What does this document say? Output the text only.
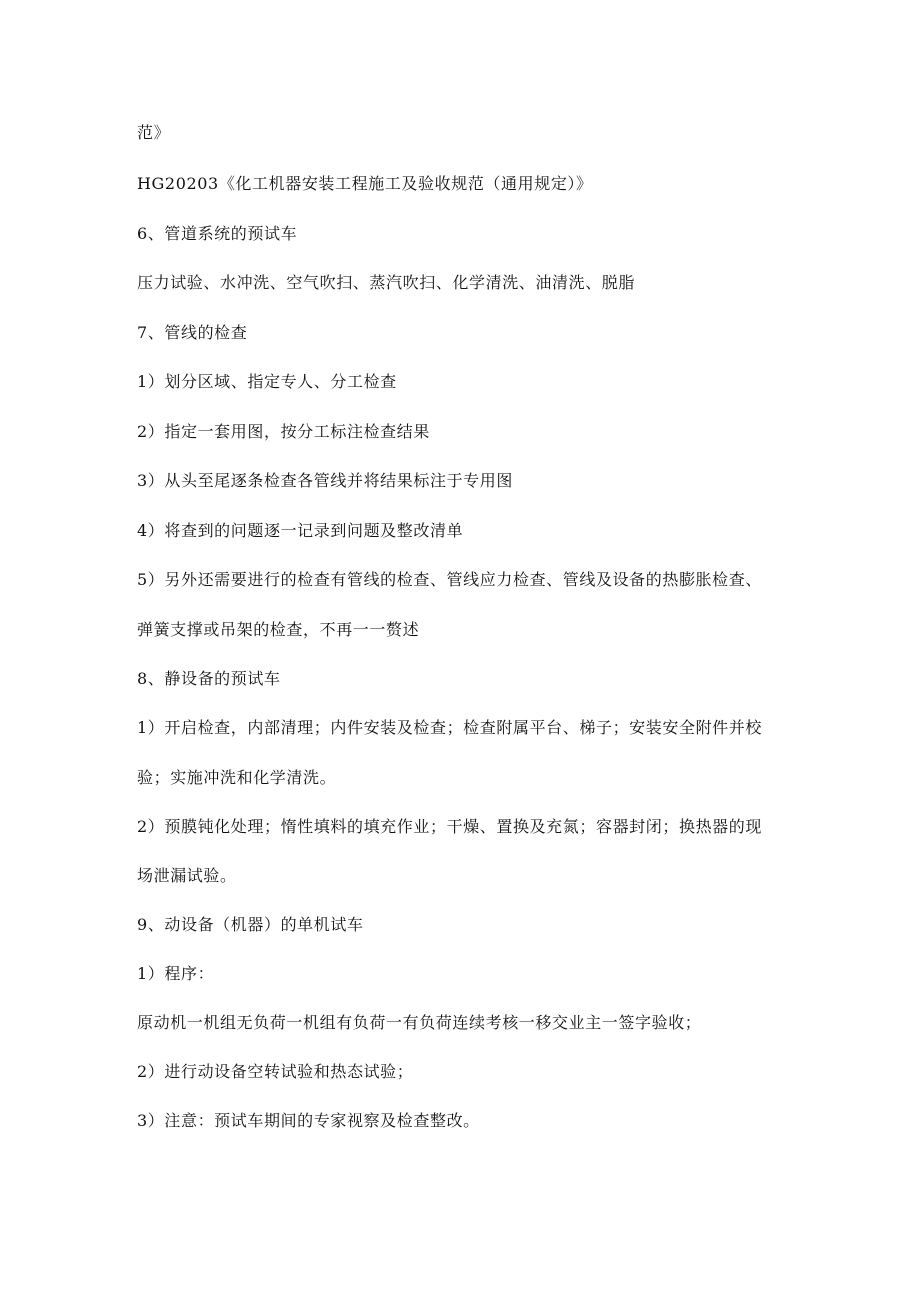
范》
HG20203《化工机器安装工程施工及验收规范（通用规定）》
6、管道系统的预试车
压力试验、水冲洗、空气吹扫、蒸汽吹扫、化学清洗、油清洗、脱脂
7、管线的检查
1）划分区域、指定专人、分工检查
2）指定一套用图，按分工标注检查结果
3）从头至尾逐条检查各管线并将结果标注于专用图
4）将查到的问题逐一记录到问题及整改清单
5）另外还需要进行的检查有管线的检查、管线应力检查、管线及设备的热膨胀检查、
弹簧支撑或吊架的检查，不再一一赘述
8、静设备的预试车
1）开启检查，内部清理；内件安装及检查；检查附属平台、梯子；安装安全附件并校
验；实施冲洗和化学清洗。
2）预膜钝化处理；惰性填料的填充作业；干燥、置换及充氮；容器封闭；换热器的现
场泄漏试验。
9、动设备（机器）的单机试车
1）程序：
原动机一机组无负荷一机组有负荷一有负荷连续考核一移交业主一签字验收；
2）进行动设备空转试验和热态试验；
3）注意：预试车期间的专家视察及检查整改。
